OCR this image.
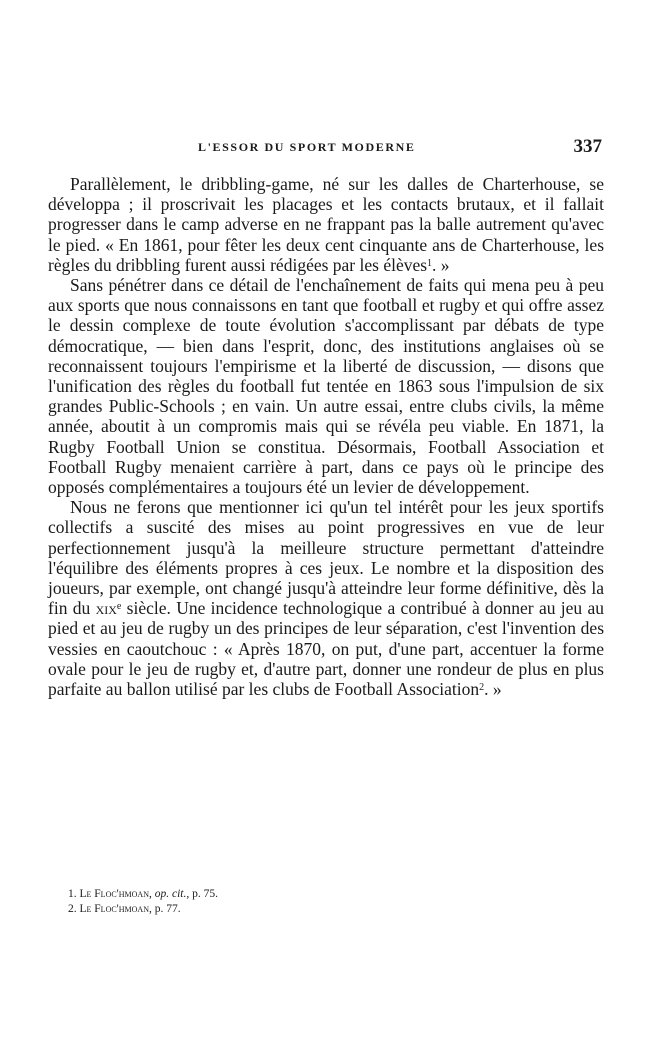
L'ESSOR DU SPORT MODERNE	337

Parallèlement, le dribbling-game, né sur les dalles de Charterhouse, se développa ; il proscrivait les placages et les contacts brutaux, et il fallait progresser dans le camp adverse en ne frappant pas la balle autrement qu'avec le pied. « En 1861, pour fêter les deux cent cinquante ans de Charterhouse, les règles du dribbling furent aussi rédigées par les élèves$^1$. »

Sans pénétrer dans ce détail de l'enchaînement de faits qui mena peu à peu aux sports que nous connaissons en tant que football et rugby et qui offre assez le dessin complexe de toute évolution s'accomplissant par débats de type démocratique, — bien dans l'esprit, donc, des institutions anglaises où se reconnaissent toujours l'empirisme et la liberté de discussion, — disons que l'unification des règles du football fut tentée en 1863 sous l'impulsion de six grandes Public-Schools ; en vain. Un autre essai, entre clubs civils, la même année, aboutit à un compromis mais qui se révéla peu viable. En 1871, la Rugby Football Union se constitua. Désormais, Football Association et Football Rugby menaient carrière à part, dans ce pays où le principe des opposés complémentaires a toujours été un levier de développement.

Nous ne ferons que mentionner ici qu'un tel intérêt pour les jeux sportifs collectifs a suscité des mises au point progressives en vue de leur perfectionnement jusqu'à la meilleure structure permettant d'atteindre l'équilibre des éléments propres à ces jeux. Le nombre et la disposition des joueurs, par exemple, ont changé jusqu'à atteindre leur forme définitive, dès la fin du xix$^e$ siècle. Une incidence technologique a contribué à donner au jeu au pied et au jeu de rugby un des principes de leur séparation, c'est l'invention des vessies en caoutchouc : « Après 1870, on put, d'une part, accentuer la forme ovale pour le jeu de rugby et, d'autre part, donner une rondeur de plus en plus parfaite au ballon utilisé par les clubs de Football Association$^2$. »

1. Le Floc'hmoan, op. cit., p. 75.

2. Le Floc'hmoan, p. 77.
